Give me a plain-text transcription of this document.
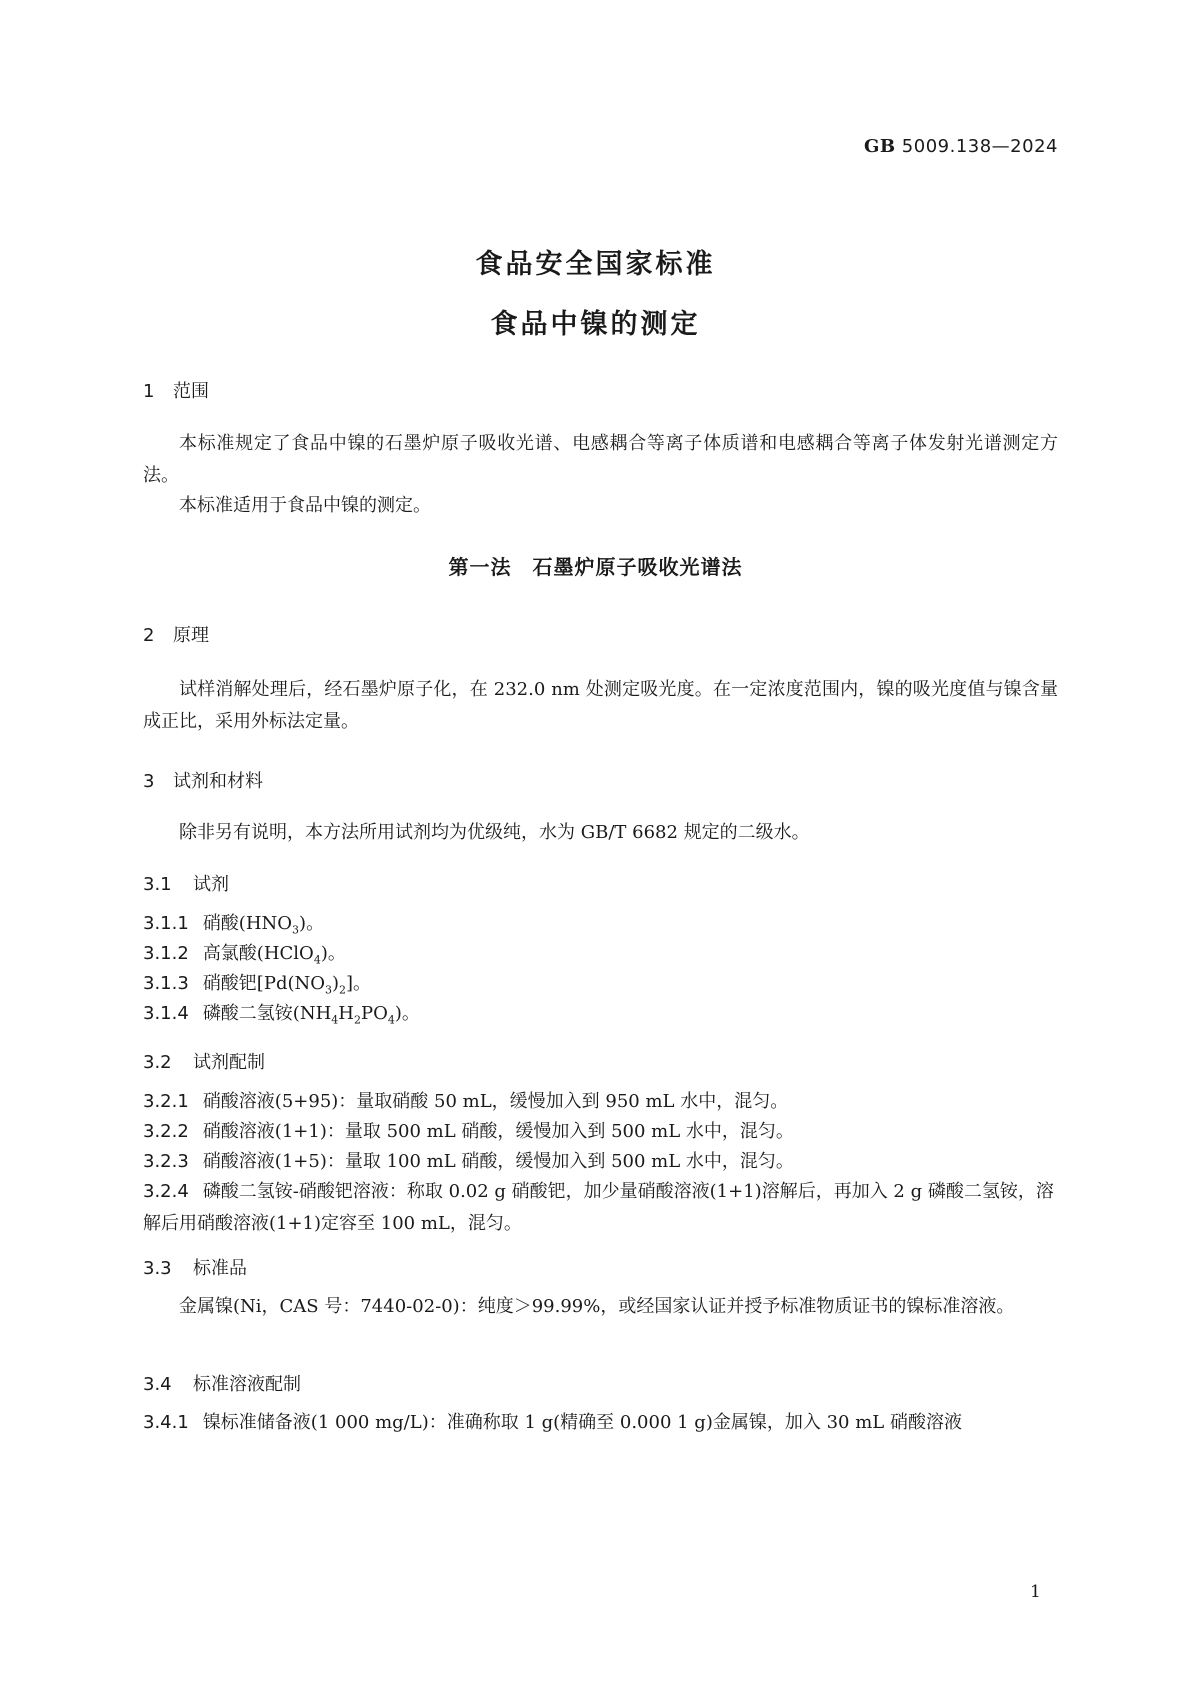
GB 5009.138—2024
食品安全国家标准
食品中镍的测定
1 范围
本标准规定了食品中镍的石墨炉原子吸收光谱、电感耦合等离子体质谱和电感耦合等离子体发射光谱测定方法。
本标准适用于食品中镍的测定。
第一法　石墨炉原子吸收光谱法
2 原理
试样消解处理后，经石墨炉原子化，在 232.0 nm 处测定吸光度。在一定浓度范围内，镍的吸光度值与镍含量成正比，采用外标法定量。
3 试剂和材料
除非另有说明，本方法所用试剂均为优级纯，水为 GB/T 6682 规定的二级水。
3.1 试剂
3.1.1 硝酸$(HNO_3)$。
3.1.2 高氯酸(HClO$_4$)。
3.1.3 硝酸钯$[Pd(NO_3)_2]$。
3.1.4 磷酸二氢铵$(NH_4H_2PO_4)$。
3.2 试剂配制
3.2.1 硝酸溶液(5+95)：量取硝酸 50 mL，缓慢加入到 950 mL 水中，混匀。
3.2.2 硝酸溶液(1+1)：量取 500 mL 硝酸，缓慢加入到 500 mL 水中，混匀。
3.2.3 硝酸溶液(1+5)：量取 100 mL 硝酸，缓慢加入到 500 mL 水中，混匀。
3.2.4 磷酸二氢铵-硝酸钯溶液：称取 0.02 g 硝酸钯，加少量硝酸溶液(1+1)溶解后，再加入 2 g 磷酸二氢铵，溶解后用硝酸溶液(1+1)定容至 100 mL，混匀。
3.3 标准品
金属镍(Ni，CAS 号：7440-02-0)：纯度＞99.99%，或经国家认证并授予标准物质证书的镍标准溶液。
3.4 标准溶液配制
3.4.1 镍标准储备液(1 000 mg/L)：准确称取 1 g(精确至 0.000 1 g)金属镍，加入 30 mL 硝酸溶液
1
